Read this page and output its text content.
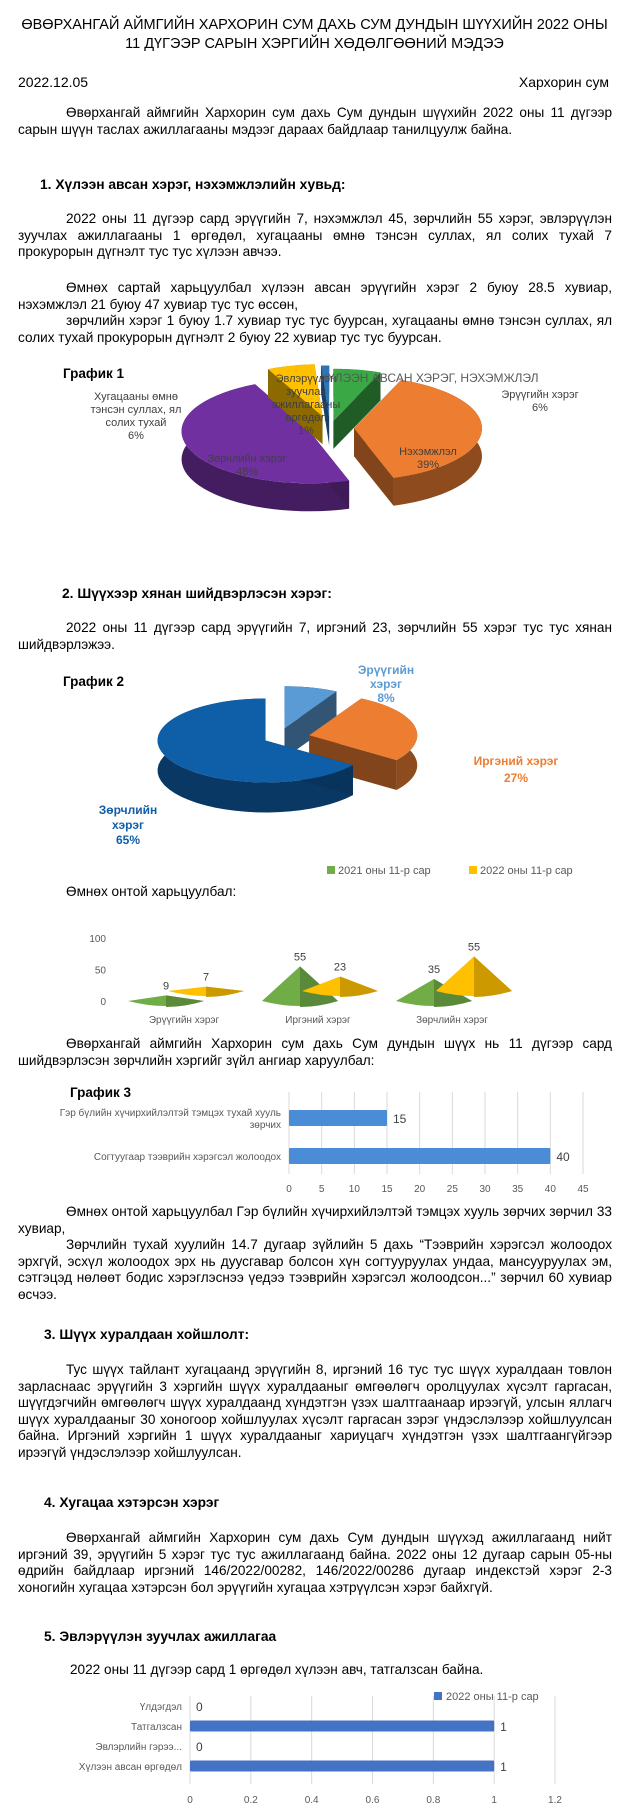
ӨВӨРХАНГАЙ АЙМГИЙН ХАРХОРИН СУМ ДАХЬ СУМ ДУНДЫН ШҮҮХИЙН 2022 ОНЫ 11 ДҮГЭЭР САРЫН ХЭРГИЙН ХӨДӨЛГӨӨНИЙ МЭДЭЭ
2022.12.05	Хархорин сум
Өвөрхангай аймгийн Хархорин сум дахь Сум дундын шүүхийн 2022 оны 11 дүгээр сарын шүүн таслах ажиллагааны мэдээг дараах байдлаар танилцуулж байна.
1. Хүлээн авсан хэрэг, нэхэмжлэлийн хувьд:
2022 оны 11 дүгээр сард эрүүгийн 7, нэхэмжлэл 45, зөрчлийн 55 хэрэг, эвлэрүүлэн зуучлах ажиллагааны 1 өргөдөл, хугацааны өмнө тэнсэн суллах, ял солих тухай 7 прокурорын дүгнэлт тус тус хүлээн авчээ.
Өмнөх сартай харьцуулбал хүлээн авсан эрүүгийн хэрэг 2 буюу 28.5 хувиар, нэхэмжлэл 21 буюу 47 хувиар тус тус өссөн,
зөрчлийн хэрэг 1 буюу 1.7 хувиар тус тус буурсан, хугацааны өмнө тэнсэн суллах, ял солих тухай прокурорын дүгнэлт 2 буюу 22 хувиар тус тус буурсан.
График 1	ХҮЛЭЭН АВСАН ХЭРЭГ, НЭХЭМЖЛЭЛ
Эрүүгийн хэрэг 6%
Нэхэмжлэл 39%
Зөрчлийн хэрэг 48%
Хугацааны өмнө тэнсэн суллах, ял солих тухай 6%
Эвлэрүүлэн зуучлах ажиллагааны өргөдөл 1%
2. Шүүхээр хянан шийдвэрлэсэн хэрэг:
2022 оны 11 дүгээр сард эрүүгийн 7, иргэний 23, зөрчлийн 55 хэрэг тус тус хянан шийдвэрлэжээ.
График 2
Эрүүгийн хэрэг 8%
Иргэний хэрэг 27%
Зөрчлийн хэрэг 65%
2021 оны 11-р сар	2022 оны 11-р сар
Өмнөх онтой харьцуулбал:
0
50
100
9
7
55
23	35
55
Эрүүгийн хэрэг	Иргэний хэрэг	Зөрчлийн хэрэг
Өвөрхангай аймгийн Хархорин сум дахь Сум дундын шүүх нь 11 дүгээр сард шийдвэрлэсэн зөрчлийн хэргийг зүйл ангиар харуулбал:
График 3
0	5 10 15 20 25 30 35 40 45
Гэр бүлийн хүчирхийлэлтэй тэмцэх тухай хууль зөрчих	15
Согтуугаар тээврийн хэрэгсэл жолоодох	40
Өмнөх онтой харьцуулбал Гэр бүлийн хүчирхийлэлтэй тэмцэх хууль зөрчих зөрчил 33 хувиар,
Зөрчлийн тухай хуулийн 14.7 дугаар зүйлийн 5 дахь “Тээврийн хэрэгсэл жолоодох эрхгүй, эсхүл жолоодох эрх нь дуусгавар болсон хүн согтууруулах ундаа, мансууруулах эм, сэтгэцэд нөлөөт бодис хэрэглэснээ үедээ тээврийн хэрэгсэл жолоодсон...” зөрчил 60 хувиар өсчээ.
3. Шүүх хуралдаан хойшлолт:
Тус шүүх тайлант хугацаанд эрүүгийн 8, иргэний 16 тус тус шүүх хуралдаан товлон зарласнаас эрүүгийн 3 хэргийн шүүх хуралдааныг өмгөөлөгч оролцуулах хүсэлт гаргасан, шүүгдэгчийн өмгөөлөгч шүүх хуралдаанд хүндэтгэн үзэх шалтгаанаар ирээгүй, улсын яллагч шүүх хуралдааныг 30 хоногоор хойшлуулах хүсэлт гаргасан зэрэг үндэслэлээр хойшлуулсан байна. Иргэний хэргийн 1 шүүх хуралдааныг хариуцагч хүндэтгэн үзэх шалтгаангүйгээр ирээгүй үндэслэлээр хойшлуулсан.
4. Хугацаа хэтэрсэн хэрэг
Өвөрхангай аймгийн Хархорин сум дахь Сум дундын шүүхэд ажиллагаанд нийт иргэний 39, эрүүгийн 5 хэрэг тус тус ажиллагаанд байна. 2022 оны 12 дугаар сарын 05-ны өдрийн байдлаар иргэний 146/2022/00282, 146/2022/00286 дугаар индекстэй хэрэг 2-3 хоногийн хугацаа хэтэрсэн бол эрүүгийн хугацаа хэтрүүлсэн хэрэг байхгүй.
5. Эвлэрүүлэн зуучлах ажиллагаа
2022 оны 11 дүгээр сард 1 өргөдөл хүлээн авч, татгалзсан байна.
2022 оны 11-р сар
0	0.2	0.4	0.6	0.8	1	1.2
Үлдэгдэл 0
Татгалзсан	1
Эвлэрлийн гэрээ... 0
Хүлээн авсан өргөдөл	1
